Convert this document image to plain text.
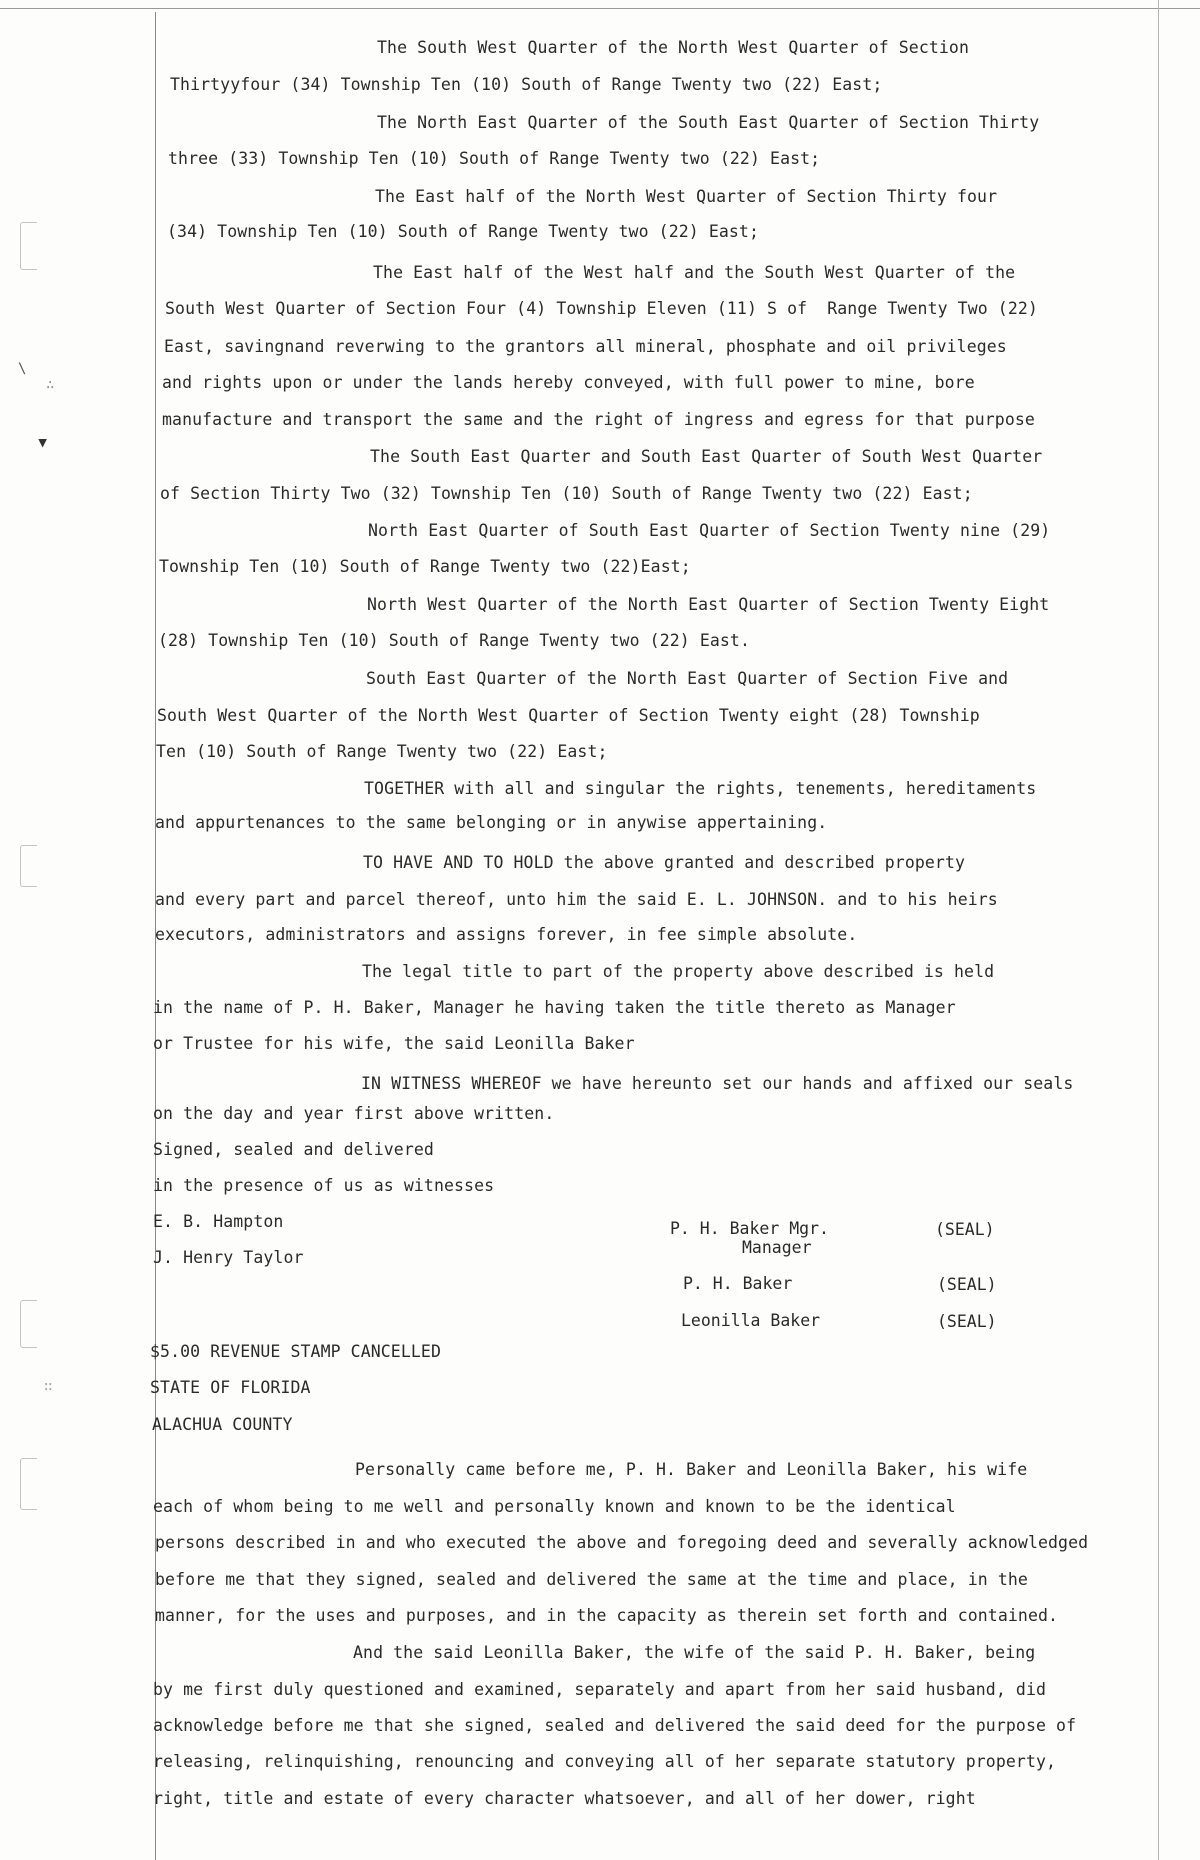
\
∴
▾
∷
The South West Quarter of the North West Quarter of Section
Thirtyyfour (34) Township Ten (10) South of Range Twenty two (22) East;
The North East Quarter of the South East Quarter of Section Thirty
three (33) Township Ten (10) South of Range Twenty two (22) East;
The East half of the North West Quarter of Section Thirty four
(34) Township Ten (10) South of Range Twenty two (22) East;
The East half of the West half and the South West Quarter of the
South West Quarter of Section Four (4) Township Eleven (11) S of  Range Twenty Two (22)
East, savingnand reverwing to the grantors all mineral, phosphate and oil privileges
and rights upon or under the lands hereby conveyed, with full power to mine, bore
manufacture and transport the same and the right of ingress and egress for that purpose
The South East Quarter and South East Quarter of South West Quarter
of Section Thirty Two (32) Township Ten (10) South of Range Twenty two (22) East;
North East Quarter of South East Quarter of Section Twenty nine (29)
Township Ten (10) South of Range Twenty two (22)East;
North West Quarter of the North East Quarter of Section Twenty Eight
(28) Township Ten (10) South of Range Twenty two (22) East.
South East Quarter of the North East Quarter of Section Five and
South West Quarter of the North West Quarter of Section Twenty eight (28) Township
Ten (10) South of Range Twenty two (22) East;
TOGETHER with all and singular the rights, tenements, hereditaments
and appurtenances to the same belonging or in anywise appertaining.
TO HAVE AND TO HOLD the above granted and described property
and every part and parcel thereof, unto him the said E. L. JOHNSON. and to his heirs
executors, administrators and assigns forever, in fee simple absolute.
The legal title to part of the property above described is held
in the name of P. H. Baker, Manager he having taken the title thereto as Manager
or Trustee for his wife, the said Leonilla Baker
IN WITNESS WHEREOF we have hereunto set our hands and affixed our seals
on the day and year first above written.
Signed, sealed and delivered
in the presence of us as witnesses
E. B. Hampton
J. Henry Taylor
P. H. Baker Mgr.
Manager
(SEAL)
P. H. Baker	(SEAL)
Leonilla Baker	(SEAL)
$5.00 REVENUE STAMP CANCELLED
STATE OF FLORIDA
ALACHUA COUNTY
Personally came before me, P. H. Baker and Leonilla Baker, his wife
each of whom being to me well and personally known and known to be the identical
persons described in and who executed the above and foregoing deed and severally acknowledged
before me that they signed, sealed and delivered the same at the time and place, in the
manner, for the uses and purposes, and in the capacity as therein set forth and contained.
And the said Leonilla Baker, the wife of the said P. H. Baker, being
by me first duly questioned and examined, separately and apart from her said husband, did
acknowledge before me that she signed, sealed and delivered the said deed for the purpose of
releasing, relinquishing, renouncing and conveying all of her separate statutory property,
right, title and estate of every character whatsoever, and all of her dower, right
